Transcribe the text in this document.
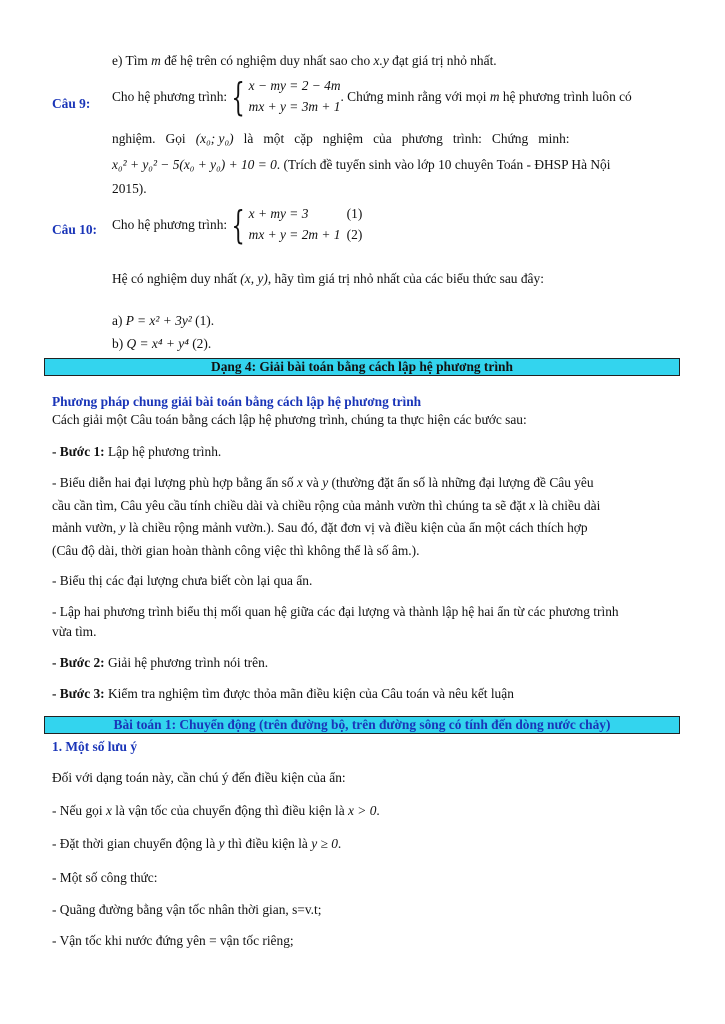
e) Tìm m để hệ trên có nghiệm duy nhất sao cho x.y đạt giá trị nhỏ nhất.
Câu 9: Cho hệ phương trình: { x − my = 2 − 4m
mx + y = 3m + 1
. Chứng minh rằng với mọi m hệ phương trình luôn có
nghiệm.   Gọi   (x₀; y₀)   là   một   cặp   nghiệm   của   phương   trình:   Chứng   minh:
x₀² + y₀² − 5(x₀ + y₀) + 10 = 0. (Trích đề tuyển sinh vào lớp 10 chuyên Toán - ĐHSP Hà Nội
2015).
Câu 10: Cho hệ phương trình: { x + my = 3	(1)
mx + y = 2m + 1 (2)
Hệ có nghiệm duy nhất (x, y), hãy tìm giá trị nhỏ nhất của các biểu thức sau đây:
a) P = x² + 3y² (1).
b) Q = x⁴ + y⁴ (2).
Dạng 4: Giải bài toán bằng cách lập hệ phương trình
Phương pháp chung giải bài toán bằng cách lập hệ phương trình
Cách giải một Câu toán bằng cách lập hệ phương trình, chúng ta thực hiện các bước sau:
- Bước 1: Lập hệ phương trình.
- Biểu diễn hai đại lượng phù hợp bằng ẩn số x và y (thường đặt ẩn số là những đại lượng đề Câu yêu
cầu cần tìm, Câu yêu cầu tính chiều dài và chiều rộng của mảnh vườn thì chúng ta sẽ đặt x là chiều dài
mảnh vườn, y là chiều rộng mảnh vườn.). Sau đó, đặt đơn vị và điều kiện của ẩn một cách thích hợp
(Câu độ dài, thời gian hoàn thành công việc thì không thể là số âm.).
- Biểu thị các đại lượng chưa biết còn lại qua ẩn.
- Lập hai phương trình biểu thị mối quan hệ giữa các đại lượng và thành lập hệ hai ẩn từ các phương trình
vừa tìm.
- Bước 2: Giải hệ phương trình nói trên.
- Bước 3: Kiểm tra nghiệm tìm được thỏa mãn điều kiện của Câu toán và nêu kết luận
Bài toán 1: Chuyển động (trên đường bộ, trên đường sông có tính đến dòng nước chảy)
1. Một số lưu ý
Đối với dạng toán này, cần chú ý đến điều kiện của ẩn:
- Nếu gọi x là vận tốc của chuyển động thì điều kiện là x > 0.
- Đặt thời gian chuyển động là y thì điều kiện là y ≥ 0.
- Một số công thức:
- Quãng đường bằng vận tốc nhân thời gian, s=v.t;
- Vận tốc khi nước đứng yên = vận tốc riêng;
